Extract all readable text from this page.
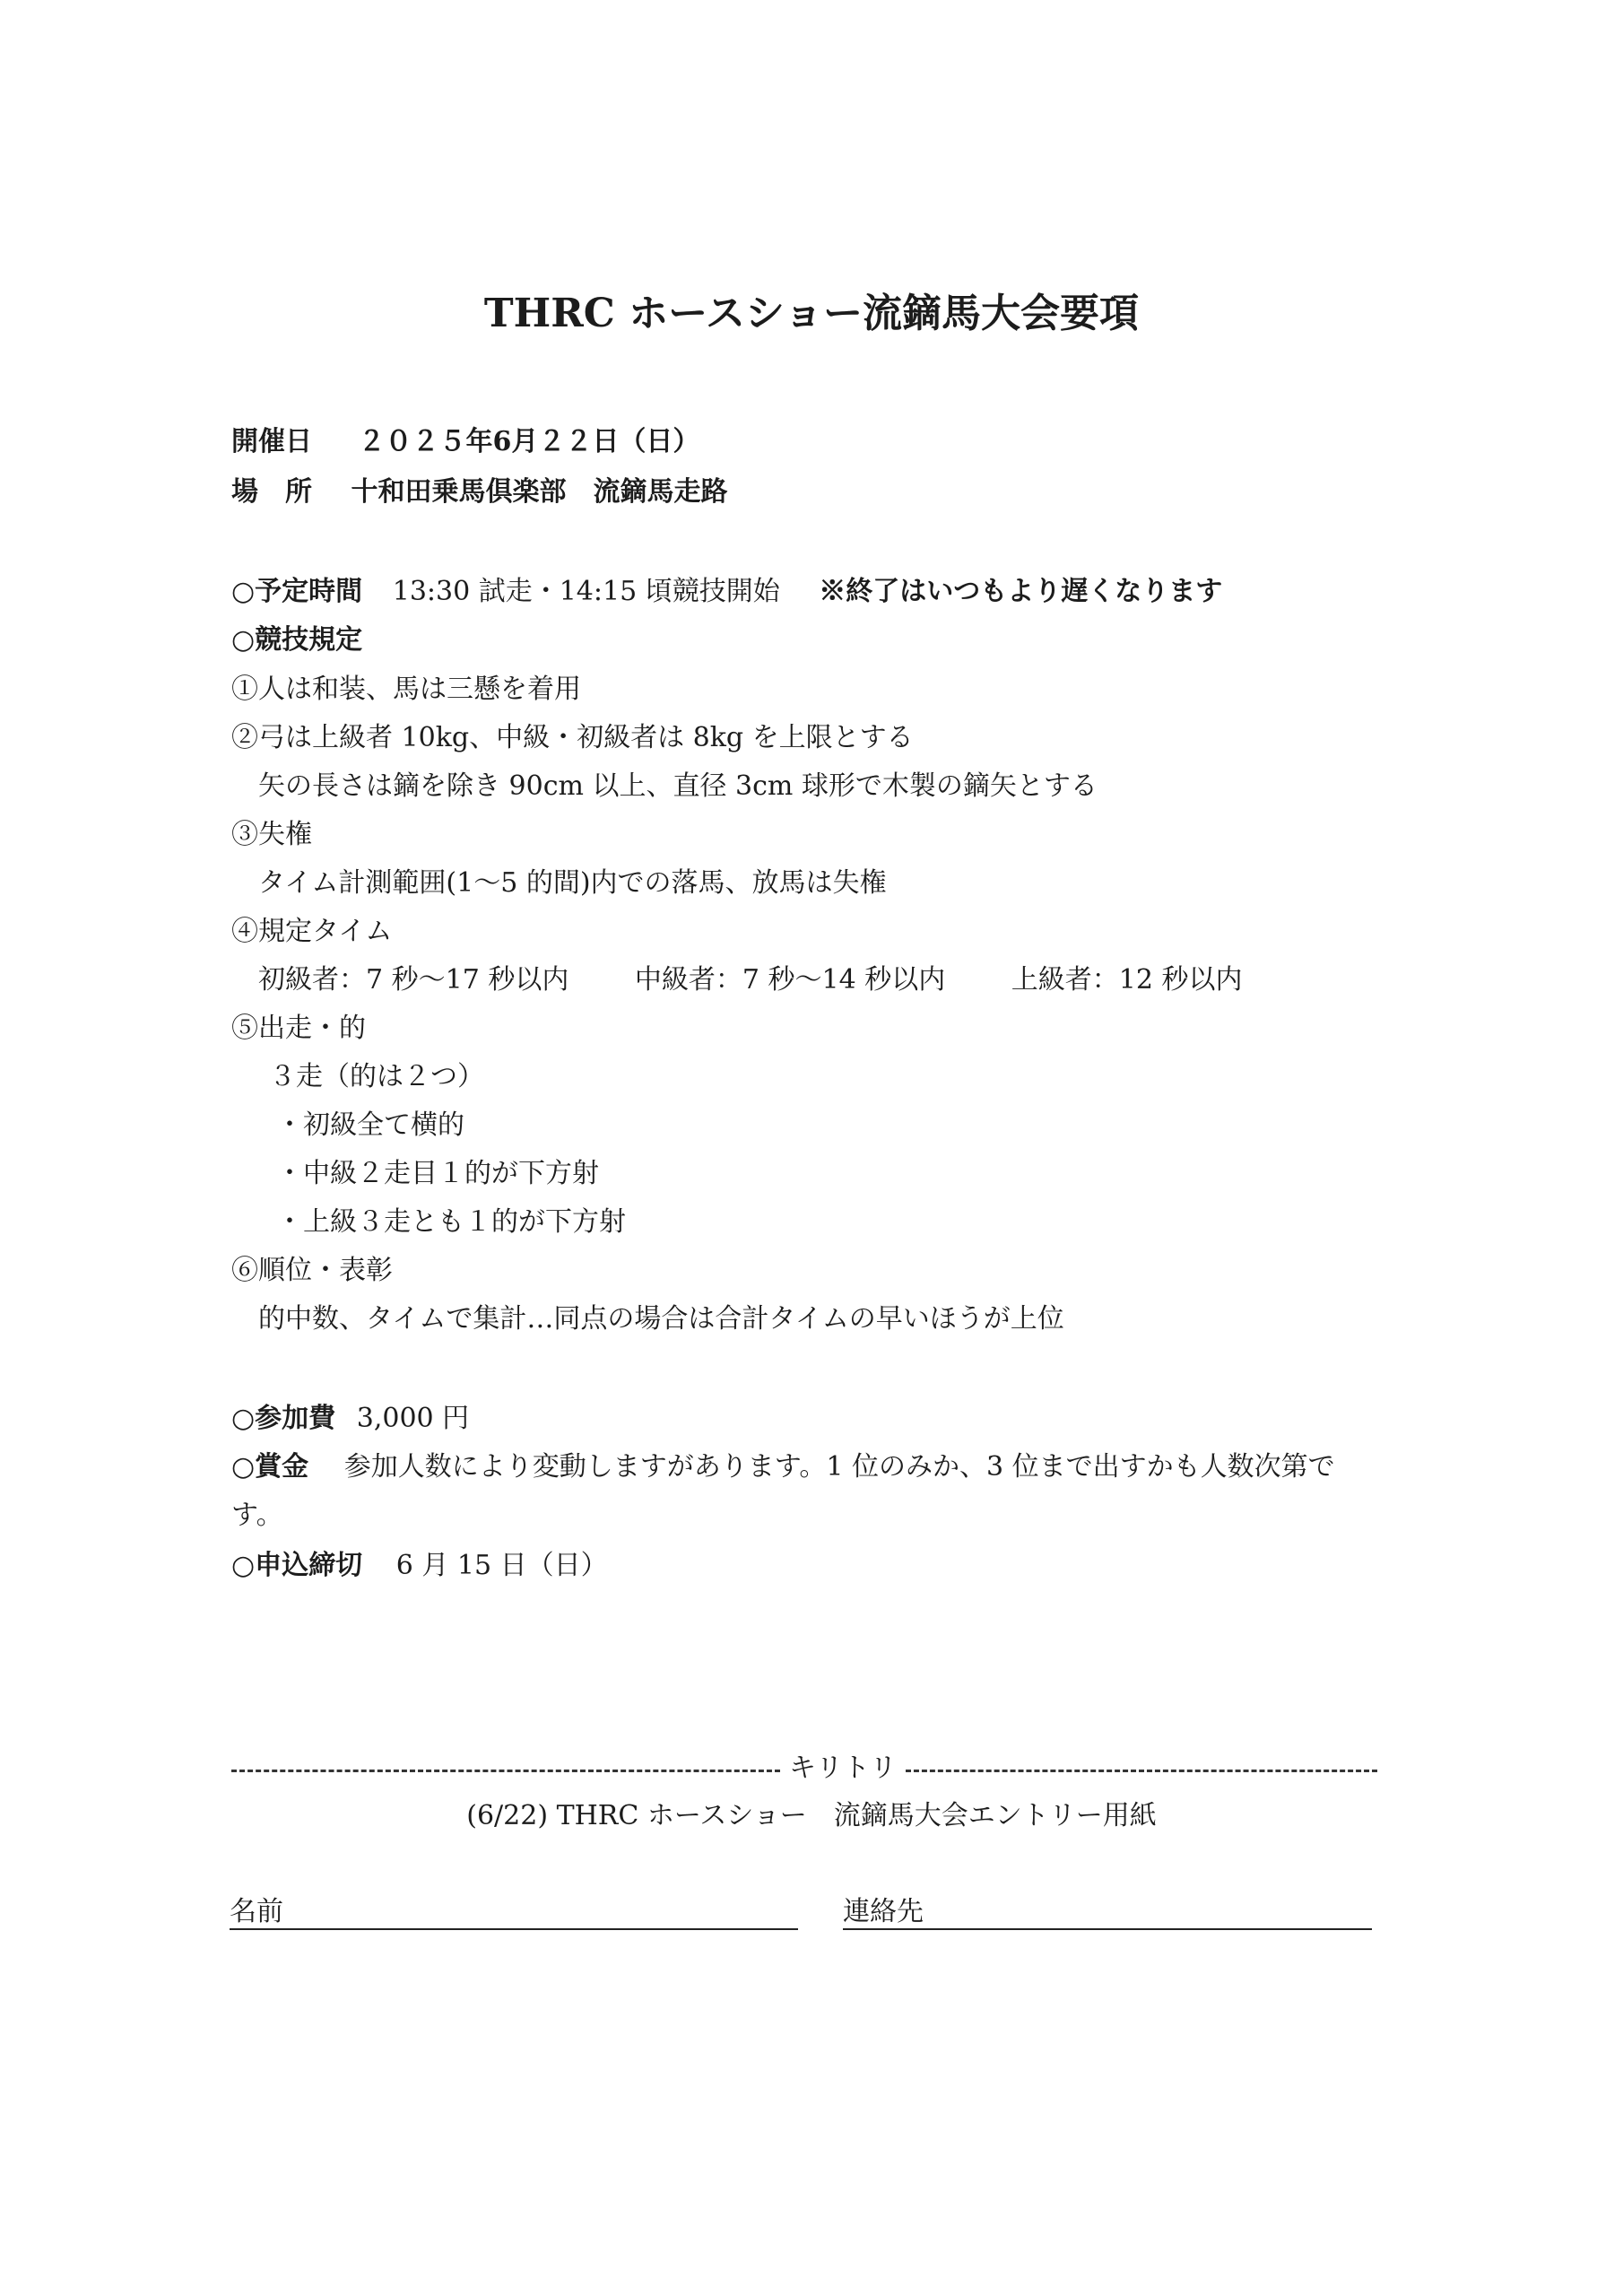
THRC ホースショー流鏑馬大会要項
開催日 ２０２５年6月２２日（日）
場　所 十和田乗馬倶楽部　流鏑馬走路
○予定時間 13:30 試走・14:15 頃競技開始 ※終了はいつもより遅くなります
○競技規定
①人は和装、馬は三懸を着用
②弓は上級者 10kg、中級・初級者は 8kg を上限とする
矢の長さは鏑を除き 90cm 以上、直径 3cm 球形で木製の鏑矢とする
③失権
タイム計測範囲(1～5 的間)内での落馬、放馬は失権
④規定タイム
初級者：7 秒～17 秒以内 中級者：7 秒～14 秒以内 上級者：12 秒以内
⑤出走・的
３走（的は２つ）
・初級全て横的
・中級２走目１的が下方射
・上級３走とも１的が下方射
⑥順位・表彰
的中数、タイムで集計…同点の場合は合計タイムの早いほうが上位
○参加費 3,000 円
○賞金 参加人数により変動しますがあります。1 位のみか、3 位まで出すかも人数次第で
す。
○申込締切 6 月 15 日（日）
キリトリ
(6/22) THRC ホースショー　流鏑馬大会エントリー用紙
名前	連絡先
